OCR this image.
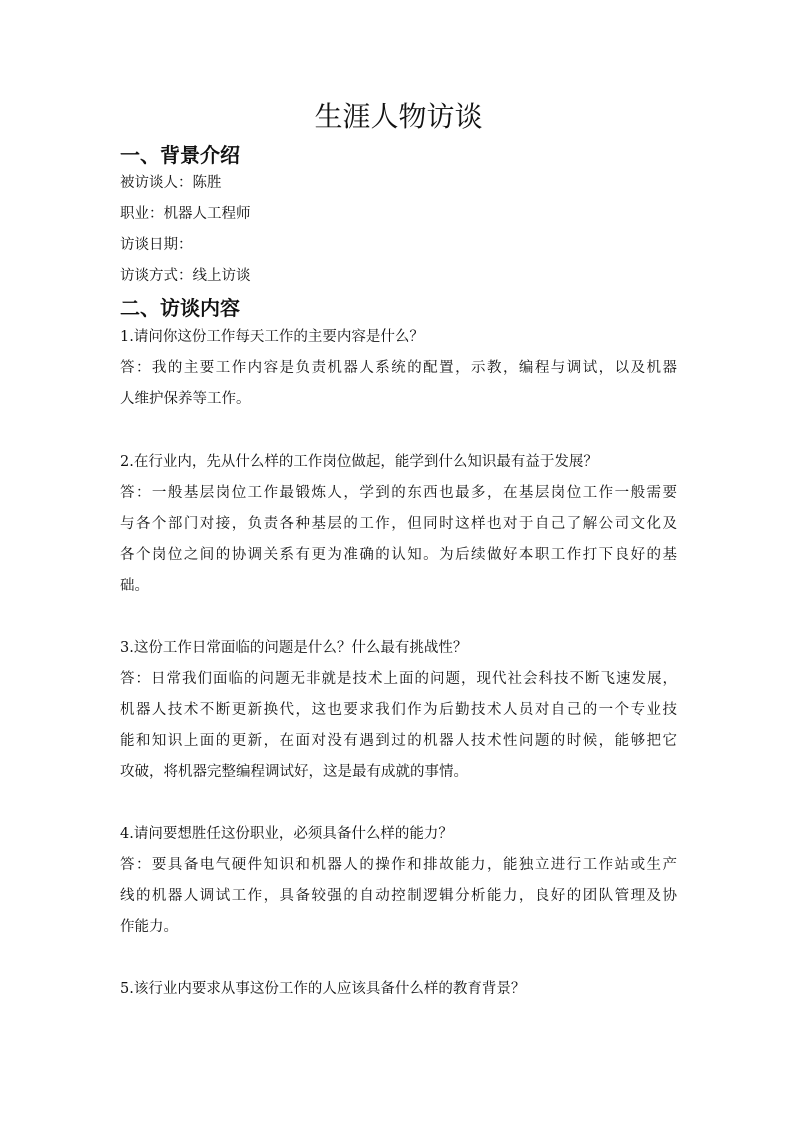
生涯人物访谈
一、背景介绍
被访谈人：陈胜
职业：机器人工程师
访谈日期：
访谈方式：线上访谈
二、访谈内容
1.请问你这份工作每天工作的主要内容是什么？
答：我的主要工作内容是负责机器人系统的配置，示教，编程与调试，以及机器
人维护保养等工作。
2.在行业内，先从什么样的工作岗位做起，能学到什么知识最有益于发展？
答：一般基层岗位工作最锻炼人，学到的东西也最多，在基层岗位工作一般需要
与各个部门对接，负责各种基层的工作，但同时这样也对于自己了解公司文化及
各个岗位之间的协调关系有更为准确的认知。为后续做好本职工作打下良好的基
础。
3.这份工作日常面临的问题是什么？什么最有挑战性？
答：日常我们面临的问题无非就是技术上面的问题，现代社会科技不断飞速发展，
机器人技术不断更新换代，这也要求我们作为后勤技术人员对自己的一个专业技
能和知识上面的更新，在面对没有遇到过的机器人技术性问题的时候，能够把它
攻破，将机器完整编程调试好，这是最有成就的事情。
4.请问要想胜任这份职业，必须具备什么样的能力？
答：要具备电气硬件知识和机器人的操作和排故能力，能独立进行工作站或生产
线的机器人调试工作，具备较强的自动控制逻辑分析能力，良好的团队管理及协
作能力。
5.该行业内要求从事这份工作的人应该具备什么样的教育背景？
